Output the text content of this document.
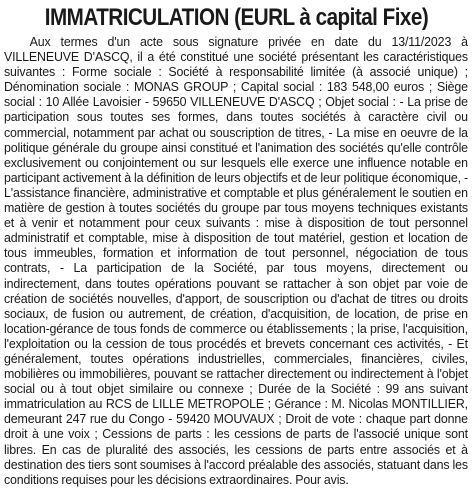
IMMATRICULATION (EURL à capital Fixe)

Aux termes d'un acte sous signature privée en date du 13/11/2023 à VILLENEUVE D'ASCQ, il a été constitué une société présentant les caractéristiques suivantes : Forme sociale : Société à responsabilité limitée (à associé unique) ; Dénomination sociale : MONAS GROUP ; Capital social : 183 548,00 euros ; Siège social : 10 Allée Lavoisier - 59650 VILLENEUVE D'ASCQ ; Objet social : - La prise de participation sous toutes ses formes, dans toutes sociétés à caractère civil ou commercial, notamment par achat ou souscription de titres, - La mise en oeuvre de la politique générale du groupe ainsi constitué et l'animation des sociétés qu'elle contrôle exclusivement ou conjointement ou sur lesquels elle exerce une influence notable en participant activement à la définition de leurs objectifs et de leur politique économique, - L'assistance financière, administrative et comptable et plus généralement le soutien en matière de gestion à toutes sociétés du groupe par tous moyens techniques existants et à venir et notamment pour ceux suivants : mise à disposition de tout personnel administratif et comptable, mise à disposition de tout matériel, gestion et location de tous immeubles, formation et information de tout personnel, négociation de tous contrats, - La participation de la Société, par tous moyens, directement ou indirectement, dans toutes opérations pouvant se rattacher à son objet par voie de création de sociétés nouvelles, d'apport, de souscription ou d'achat de titres ou droits sociaux, de fusion ou autrement, de création, d'acquisition, de location, de prise en location-gérance de tous fonds de commerce ou établissements ; la prise, l'acquisition, l'exploitation ou la cession de tous procédés et brevets concernant ces activités, - Et généralement, toutes opérations industrielles, commerciales, financières, civiles, mobilières ou immobilières, pouvant se rattacher directement ou indirectement à l'objet social ou à tout objet similaire ou connexe ; Durée de la Société : 99 ans suivant immatriculation au RCS de LILLE METROPOLE ; Gérance : M. Nicolas MONTILLIER, demeurant 247 rue du Congo - 59420 MOUVAUX ; Droit de vote : chaque part donne droit à une voix ; Cessions de parts : les cessions de parts de l'associé unique sont libres. En cas de pluralité des associés, les cessions de parts entre associés et à destination des tiers sont soumises à l'accord préalable des associés, statuant dans les conditions requises pour les décisions extraordinaires. Pour avis.
